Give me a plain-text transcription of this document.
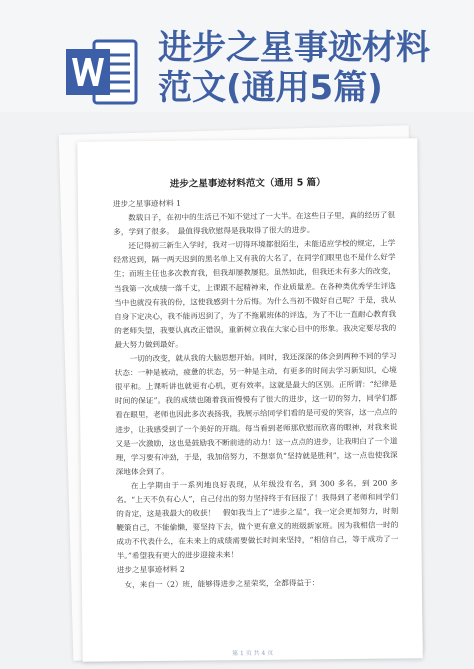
进步之星事迹材料
范文(通用5篇)
进步之星事迹材料范文（通用 5 篇）

进步之星事迹材料 1

数载日子，在初中的生活已不知不觉过了一大半。在这些日子里，真的经历了很多，学到了很多。　最值得我欣慰得是我取得了很大的进步。

还记得初三新生入学时，我对一切得环境都很陌生，未能适应学校的规定，上学经常迟到，隔一两天迟到的黑名单上又有我的大名了，在同学们眼里也不是什么好学生；而班主任也多次教育我，但我却屡教屡犯。虽然如此，但我还未有多大的改变，当我第一次成绩一落千丈，上课跟不起精神来，作业质量差。在各种类优秀学生评选当中也就没有我的份，这使我感到十分后悔。为什么当初不做好自己呢？于是，我从自身下定决心，我不能再迟到了，为了不拖累班体的评选，为了不让一直耐心教育我的老师失望，我要认真改正错误，重新树立我在大家心目中的形象。我决定要尽我的最大努力做到最好。

一切的改变，就从我的大脑思想开始。同时，我还深深的体会到两种不同的学习状态：一种是被动，疲惫的状态，另一种是主动，有更多的时间去学习新知识，心境很平和。上课听讲也就更有心机，更有效率。这就是最大的区别。正所谓：“纪律是时间的保证”。我的成绩也随着我而慢慢有了很大的进步，这一切的努力，同学们都看在眼里，老师也因此多次表扬我，我展示给同学们看的是可爱的笑容，这一点点的进步，让我感受到了一个美好的开端。每当看到老师那欣慰而欣喜的眼神，对我来说又是一次激励，这也是鼓励我不断前进的动力！这一点点的进步，让我明白了一个道理，学习要有冲劲，于是，我加倍努力，不想辜负“坚持就是胜利”，这一点也使我深深地体会到了。

在上学期由于一系列地良好表现，从年级没有名，到 300 多名，到 200 多名。“上天不负有心人”，自己付出的努力坚持终于有回报了！我得到了老师和同学们的肯定，这是我最大的收获！　假如我当上了“进步之星”，我一定会更加努力，时刻鞭策自己，不能偷懒，要坚持下去，做个更有意义的班级新家班。因为我相信一时的成功不代表什么，在未来上的成绩需要做长时间来坚持，“相信自己，等于成功了一半。”希望我有更大的进步迎接未来！

进步之星事迹材料 2

　女，来自一（2）班，能够得进步之星荣奖，全都得益于：

第 1 页 共 4 页
